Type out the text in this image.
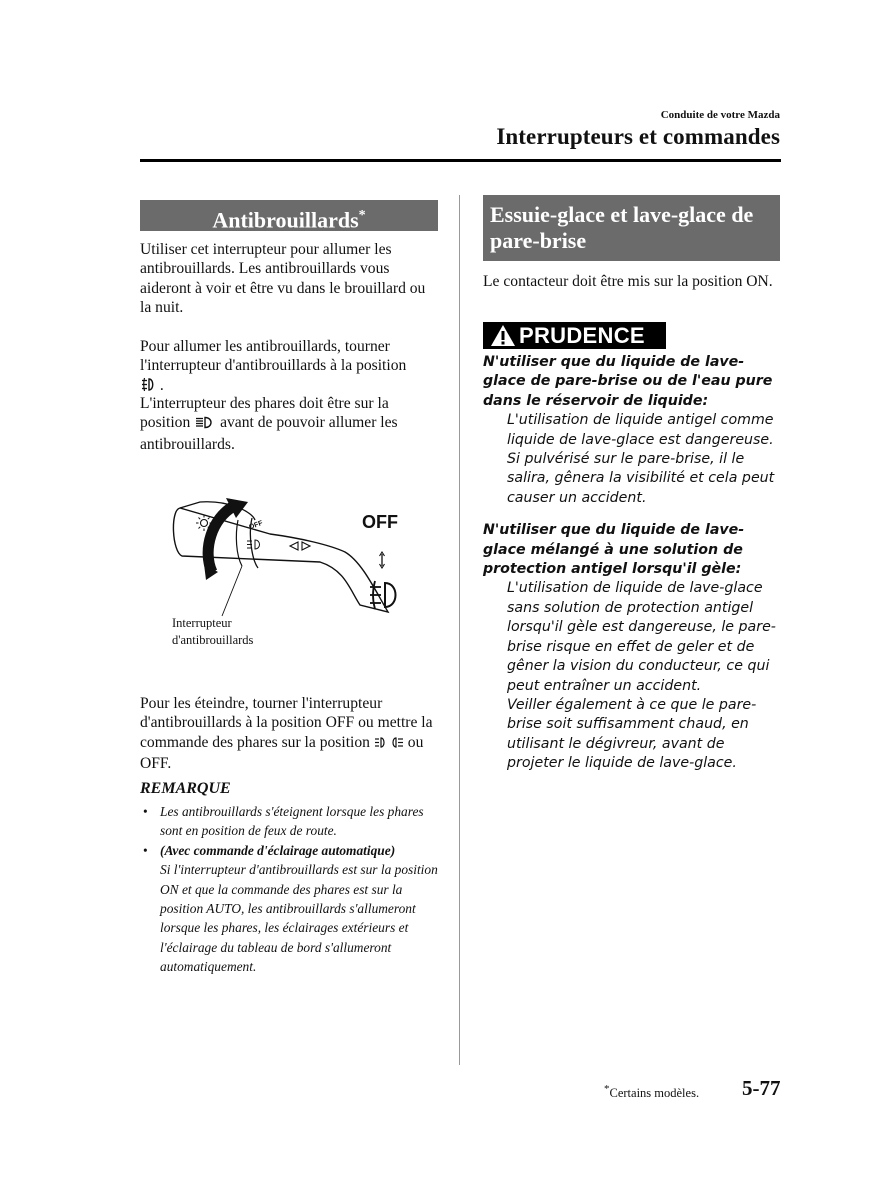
Conduite de votre Mazda
Interrupteurs et commandes
Antibrouillards*
Utiliser cet interrupteur pour allumer les antibrouillards. Les antibrouillards vous aideront à voir et être vu dans le brouillard ou la nuit.
Pour allumer les antibrouillards, tourner l'interrupteur d'antibrouillards à la position
.
L'interrupteur des phares doit être sur la position avant de pouvoir allumer les antibrouillards.
OFF
OFF
Interrupteur
d'antibrouillards
Pour les éteindre, tourner l'interrupteur d'antibrouillards à la position OFF ou mettre la commande des phares sur la position ou OFF.
REMARQUE
• Les antibrouillards s'éteignent lorsque les phares sont en position de feux de route.
• (Avec commande d'éclairage automatique)
Si l'interrupteur d'antibrouillards est sur la position ON et que la commande des phares est sur la position AUTO, les antibrouillards s'allumeront lorsque les phares, les éclairages extérieurs et l'éclairage du tableau de bord s'allumeront automatiquement.
Essuie-glace et lave-glace de pare-brise
Le contacteur doit être mis sur la position ON.
PRUDENCE
N'utiliser que du liquide de lave-glace de pare-brise ou de l'eau pure dans le réservoir de liquide:
L'utilisation de liquide antigel comme liquide de lave-glace est dangereuse. Si pulvérisé sur le pare-brise, il le salira, gênera la visibilité et cela peut causer un accident.
N'utiliser que du liquide de lave-glace mélangé à une solution de protection antigel lorsqu'il gèle:
L'utilisation de liquide de lave-glace sans solution de protection antigel lorsqu'il gèle est dangereuse, le pare-brise risque en effet de geler et de gêner la vision du conducteur, ce qui peut entraîner un accident.
Veiller également à ce que le pare-brise soit suffisamment chaud, en utilisant le dégivreur, avant de projeter le liquide de lave-glace.
*Certains modèles. 5-77
